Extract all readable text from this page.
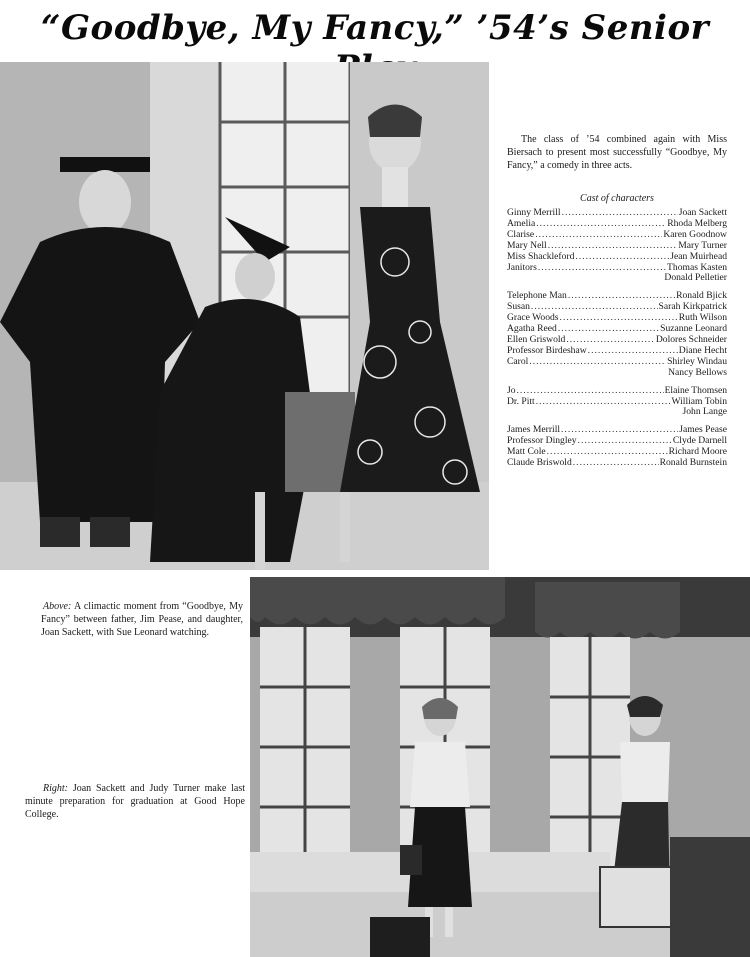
“Goodbye, My Fancy,” ’54’s Senior
The class of ’54 combined again with Miss Biersach to present most successfully “Goodbye, My Fancy,” a comedy in three acts.
Cast of characters
Ginny Merrill .....	Joan Sackett
Amelia .....	Rhoda Melberg
Clarise .....	Karen Goodnow
Mary Nell .....	Mary Turner
Miss Shackleford .....	Jean Muirhead
Janitors .....	Thomas Kasten
Donald Pelletier
Telephone Man .....	Ronald Bjick
Susan .....	Sarah Kirkpatrick
Grace Woods .....	Ruth Wilson
Agatha Reed .....	Suzanne Leonard
Ellen Griswold .....	Dolores Schneider
Professor Birdeshaw .....	Diane Hecht
Carol .....	Shirley Windau
Nancy Bellows
Jo .....	Elaine Thomsen
Dr. Pitt .....	William Tobin
John Lange
James Merrill .....	James Pease
Professor Dingley .....	Clyde Darnell
Matt Cole .....	Richard Moore
Claude Briswold .....	Ronald Burnstein
Above: A climactic moment from “Goodbye, My Fancy” between father, Jim Pease, and daughter, Joan Sackett, with Sue Leonard watching.
Right: Joan Sackett and Judy Turner make last minute preparation for graduation at Good Hope College.
